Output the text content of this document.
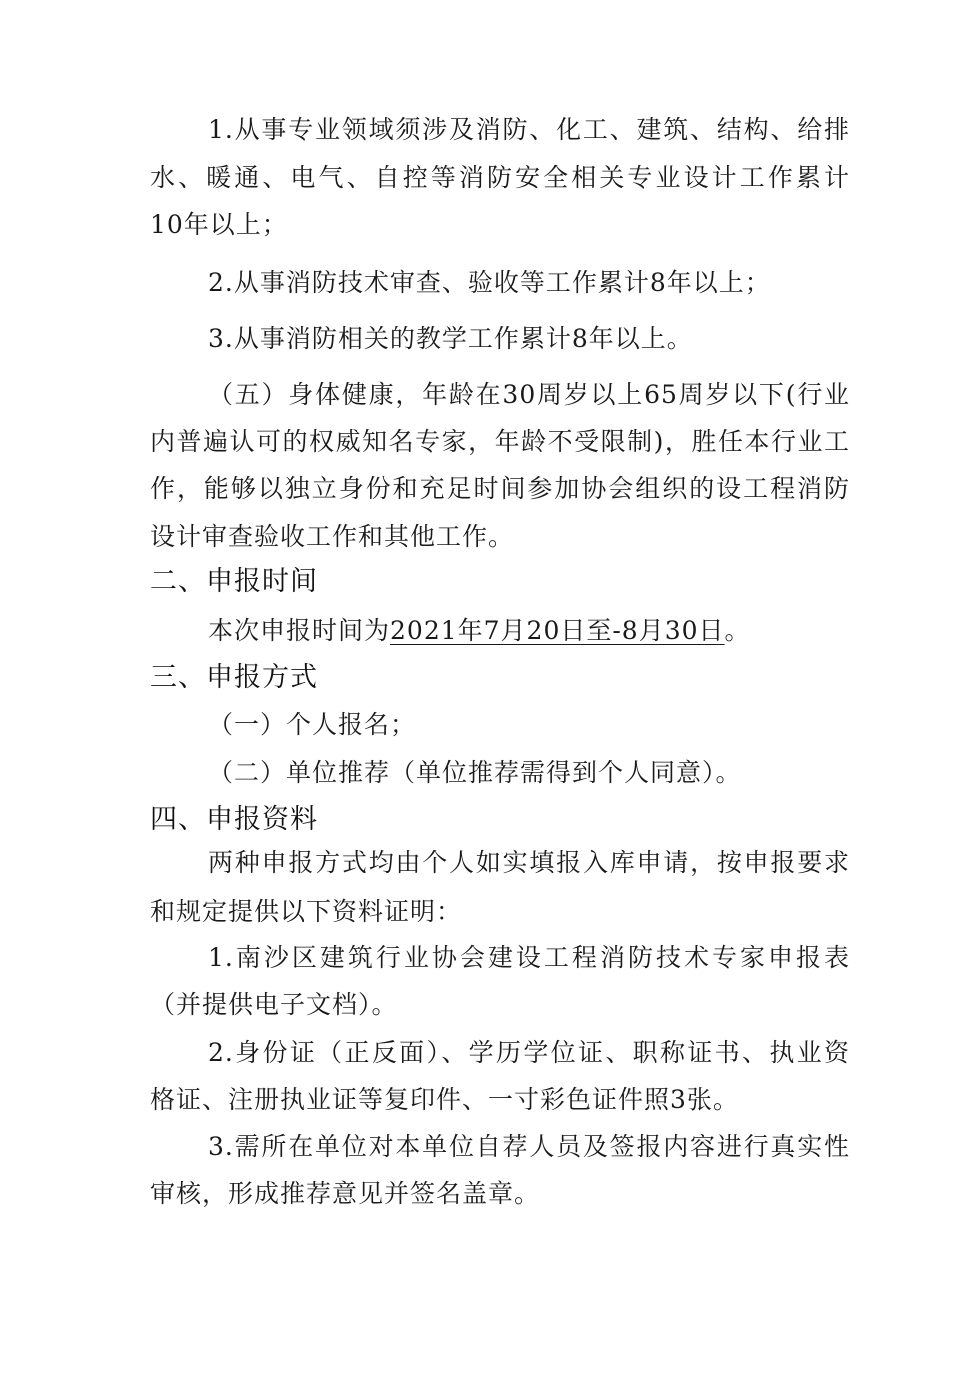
1.从事专业领域须涉及消防、化工、建筑、结构、给排
水、暖通、电气、自控等消防安全相关专业设计工作累计
10年以上；
2.从事消防技术审查、验收等工作累计8年以上；
3.从事消防相关的教学工作累计8年以上。
（五）身体健康，年龄在30周岁以上65周岁以下(行业
内普遍认可的权威知名专家，年龄不受限制)，胜任本行业工
作，能够以独立身份和充足时间参加协会组织的设工程消防
设计审查验收工作和其他工作。
二、申报时间
本次申报时间为2021年7月20日至-8月30日。
三、申报方式
（一）个人报名；
（二）单位推荐（单位推荐需得到个人同意）。
四、申报资料
两种申报方式均由个人如实填报入库申请，按申报要求
和规定提供以下资料证明：
1.南沙区建筑行业协会建设工程消防技术专家申报表
（并提供电子文档）。
2.身份证（正反面）、学历学位证、职称证书、执业资
格证、注册执业证等复印件、一寸彩色证件照3张。
3.需所在单位对本单位自荐人员及签报内容进行真实性
审核，形成推荐意见并签名盖章。
